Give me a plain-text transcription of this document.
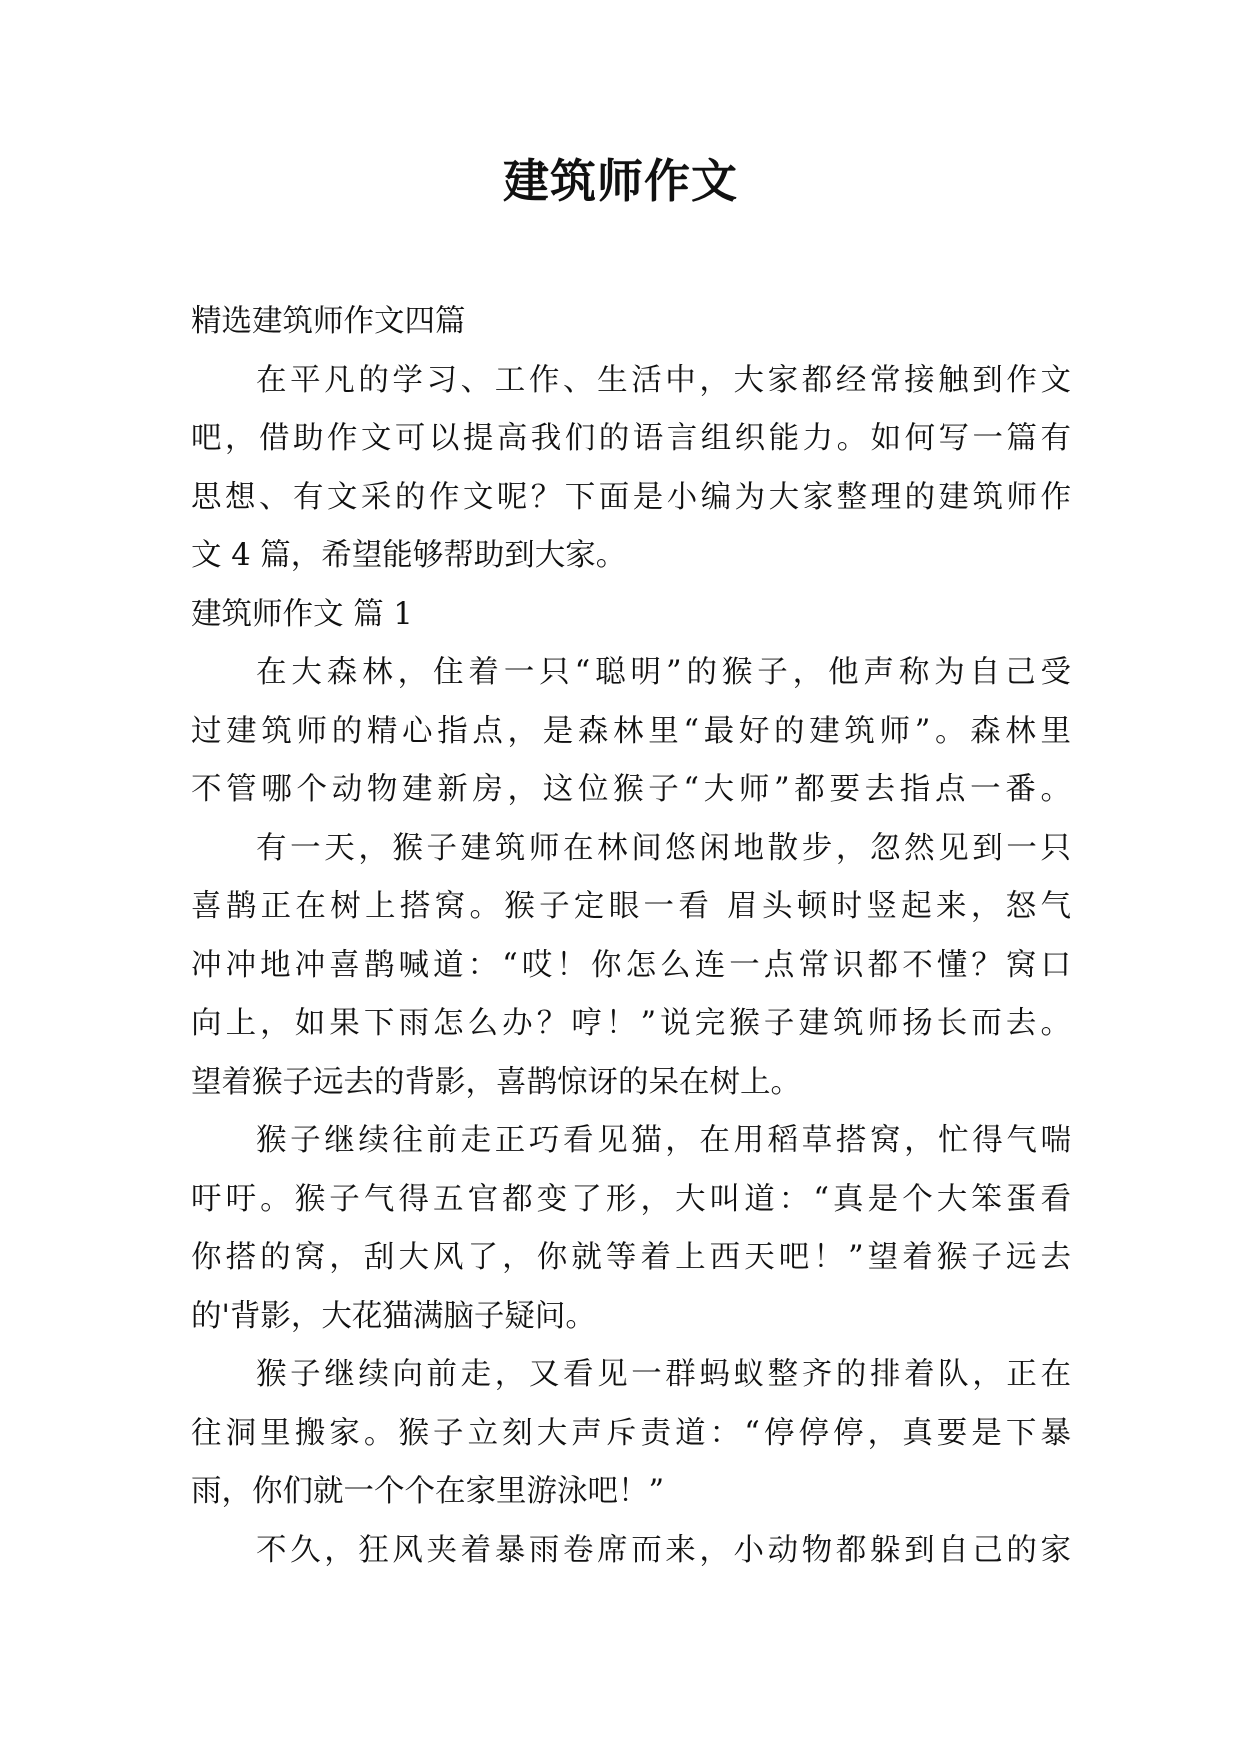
建筑师作文
精选建筑师作文四篇
在平凡的学习、工作、生活中，大家都经常接触到作文
吧，借助作文可以提高我们的语言组织能力。如何写一篇有
思想、有文采的作文呢？下面是小编为大家整理的建筑师作
文 4 篇，希望能够帮助到大家。
建筑师作文 篇 1
在大森林，住着一只“聪明”的猴子，他声称为自己受
过建筑师的精心指点，是森林里“最好的建筑师”。森林里
不管哪个动物建新房，这位猴子“大师”都要去指点一番。
有一天，猴子建筑师在林间悠闲地散步，忽然见到一只
喜鹊正在树上搭窝。猴子定眼一看 眉头顿时竖起来，怒气
冲冲地冲喜鹊喊道：“哎！你怎么连一点常识都不懂？窝口
向上，如果下雨怎么办？哼！”说完猴子建筑师扬长而去。
望着猴子远去的背影，喜鹊惊讶的呆在树上。
猴子继续往前走正巧看见猫，在用稻草搭窝，忙得气喘
吁吁。猴子气得五官都变了形，大叫道：“真是个大笨蛋看
你搭的窝，刮大风了，你就等着上西天吧！”望着猴子远去
的'背影，大花猫满脑子疑问。
猴子继续向前走，又看见一群蚂蚁整齐的排着队，正在
往洞里搬家。猴子立刻大声斥责道：“停停停，真要是下暴
雨，你们就一个个在家里游泳吧！”
不久，狂风夹着暴雨卷席而来，小动物都躲到自己的家
